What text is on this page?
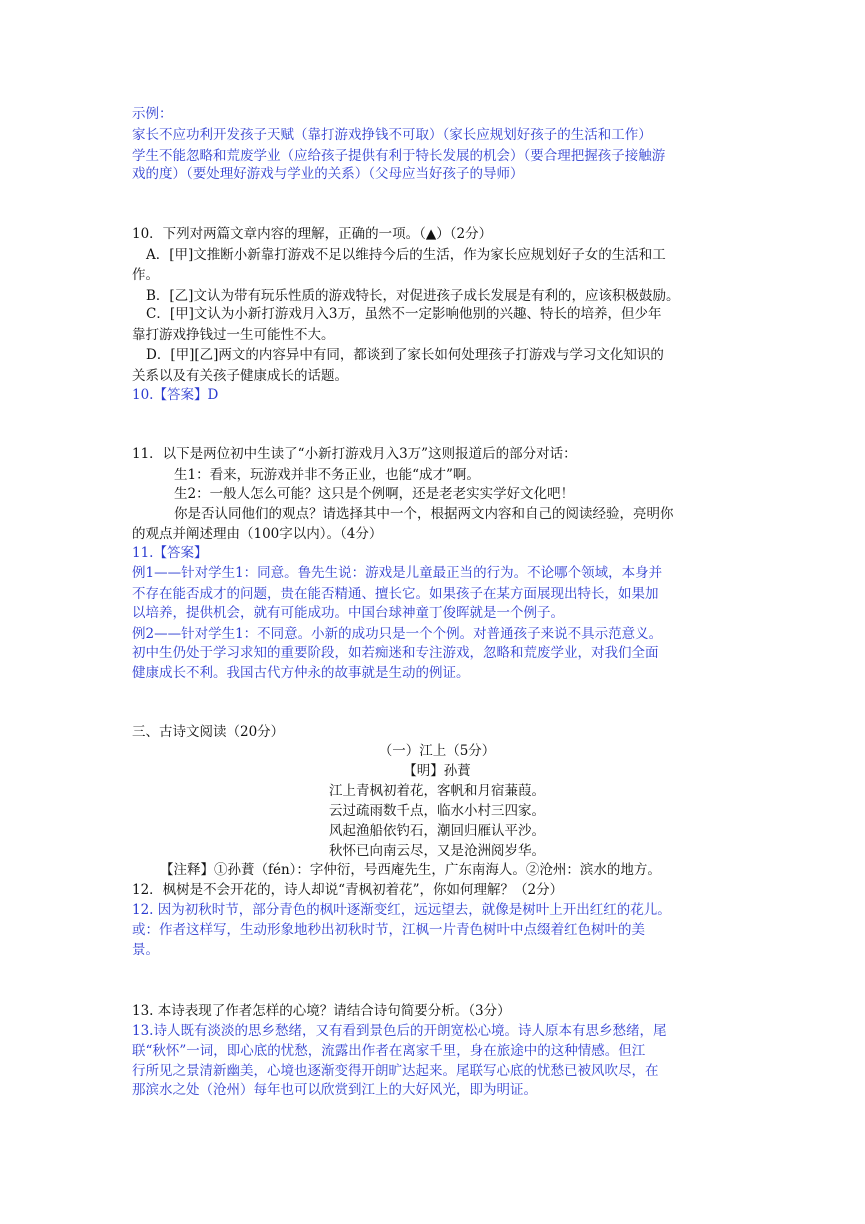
示例：
家长不应功利开发孩子天赋（靠打游戏挣钱不可取）（家长应规划好孩子的生活和工作）
学生不能忽略和荒废学业（应给孩子提供有利于特长发展的机会）（要合理把握孩子接触游
戏的度）（要处理好游戏与学业的关系）（父母应当好孩子的导师）
10．下列对两篇文章内容的理解，正确的一项。（▲）（2分）
A．[甲]文推断小新靠打游戏不足以维持今后的生活，作为家长应规划好子女的生活和工
作。
B．[乙]文认为带有玩乐性质的游戏特长，对促进孩子成长发展是有利的，应该积极鼓励。
C．[甲]文认为小新打游戏月入3万，虽然不一定影响他别的兴趣、特长的培养，但少年
靠打游戏挣钱过一生可能性不大。
D．[甲][乙]两文的内容异中有同，都谈到了家长如何处理孩子打游戏与学习文化知识的
关系以及有关孩子健康成长的话题。
10.【答案】D
11．以下是两位初中生读了“小新打游戏月入3万”这则报道后的部分对话：
生1：看来，玩游戏并非不务正业，也能“成才”啊。
生2：一般人怎么可能？这只是个例啊，还是老老实实学好文化吧！
你是否认同他们的观点？请选择其中一个，根据两文内容和自己的阅读经验，亮明你
的观点并阐述理由（100字以内）。（4分）
11.【答案】
例1——针对学生1：同意。鲁先生说：游戏是儿童最正当的行为。不论哪个领域，本身并
不存在能否成才的问题，贵在能否精通、擅长它。如果孩子在某方面展现出特长，如果加
以培养，提供机会，就有可能成功。中国台球神童丁俊晖就是一个例子。
例2——针对学生1：不同意。小新的成功只是一个个例。对普通孩子来说不具示范意义。
初中生仍处于学习求知的重要阶段，如若痴迷和专注游戏，忽略和荒废学业，对我们全面
健康成长不利。我国古代方仲永的故事就是生动的例证。
三、古诗文阅读（20分）
（一）江上（5分）
【明】孙蕡
江上青枫初着花，客帆和月宿蒹葭。
云过疏雨数千点，临水小村三四家。
风起渔船依钓石，潮回归雁认平沙。
秋怀已向南云尽，又是沧洲阅岁华。
【注释】①孙蕡（fén）：字仲衍，号西庵先生，广东南海人。②沧州：滨水的地方。
12．枫树是不会开花的，诗人却说“青枫初着花”，你如何理解？（2分）
12. 因为初秋时节，部分青色的枫叶逐渐变红，远远望去，就像是树叶上开出红红的花儿。
或：作者这样写，生动形象地秒出初秋时节，江枫一片青色树叶中点缀着红色树叶的美
景。
13. 本诗表现了作者怎样的心境？请结合诗句简要分析。（3分）
13.诗人既有淡淡的思乡愁绪，又有看到景色后的开朗宽松心境。诗人原本有思乡愁绪，尾
联“秋怀”一词，即心底的忧愁，流露出作者在离家千里，身在旅途中的这种情感。但江
行所见之景清新幽美，心境也逐渐变得开朗旷达起来。尾联写心底的忧愁已被风吹尽，在
那滨水之处（沧州）每年也可以欣赏到江上的大好风光，即为明证。
